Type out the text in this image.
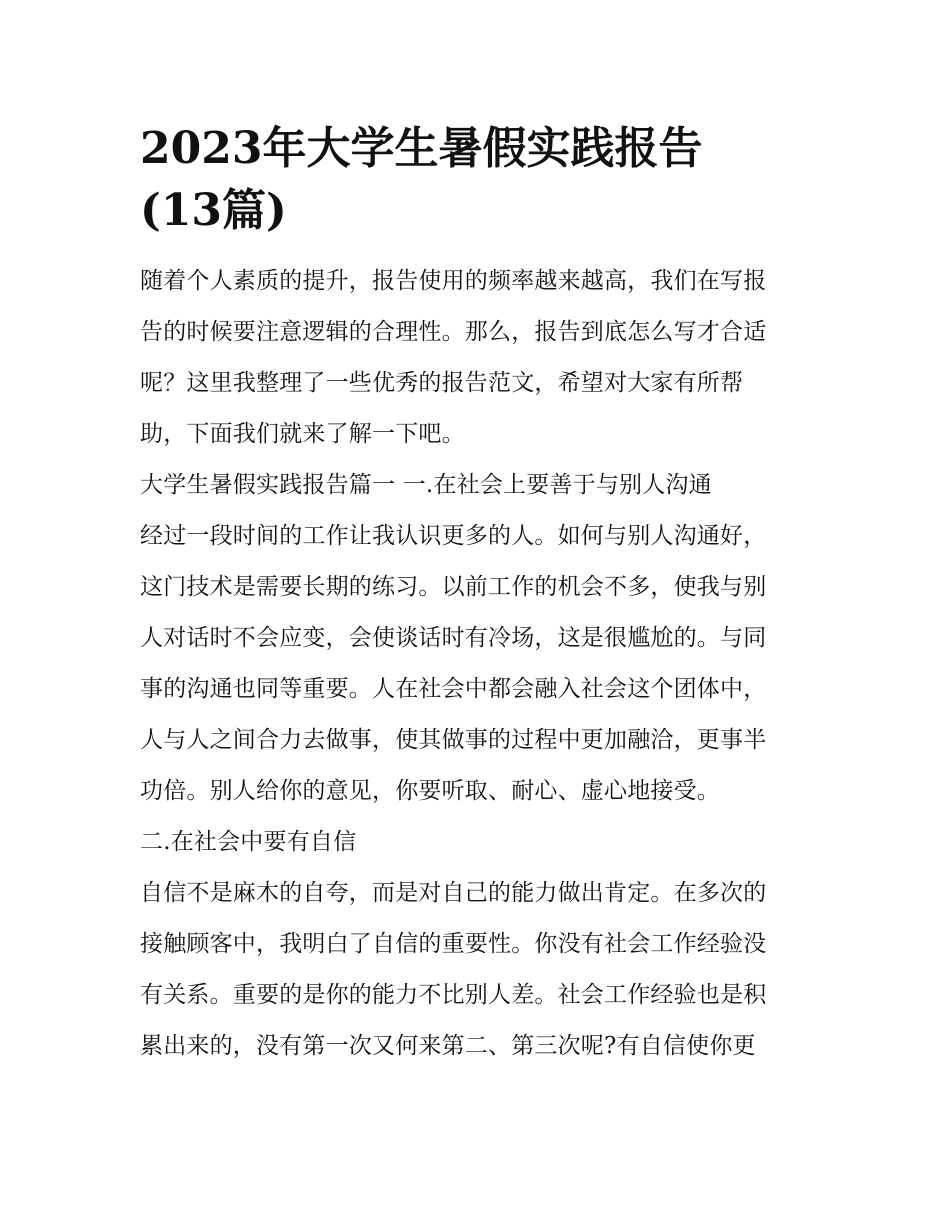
2023年大学生暑假实践报告
(13篇)

随着个人素质的提升，报告使用的频率越来越高，我们在写报
告的时候要注意逻辑的合理性。那么，报告到底怎么写才合适
呢？这里我整理了一些优秀的报告范文，希望对大家有所帮
助，下面我们就来了解一下吧。

大学生暑假实践报告篇一 一.在社会上要善于与别人沟通

经过一段时间的工作让我认识更多的人。如何与别人沟通好，
这门技术是需要长期的练习。以前工作的机会不多，使我与别
人对话时不会应变，会使谈话时有冷场，这是很尴尬的。与同
事的沟通也同等重要。人在社会中都会融入社会这个团体中，
人与人之间合力去做事，使其做事的过程中更加融洽，更事半
功倍。别人给你的意见，你要听取、耐心、虚心地接受。

二.在社会中要有自信

自信不是麻木的自夸，而是对自己的能力做出肯定。在多次的
接触顾客中，我明白了自信的重要性。你没有社会工作经验没
有关系。重要的是你的能力不比别人差。社会工作经验也是积
累出来的，没有第一次又何来第二、第三次呢?有自信使你更
